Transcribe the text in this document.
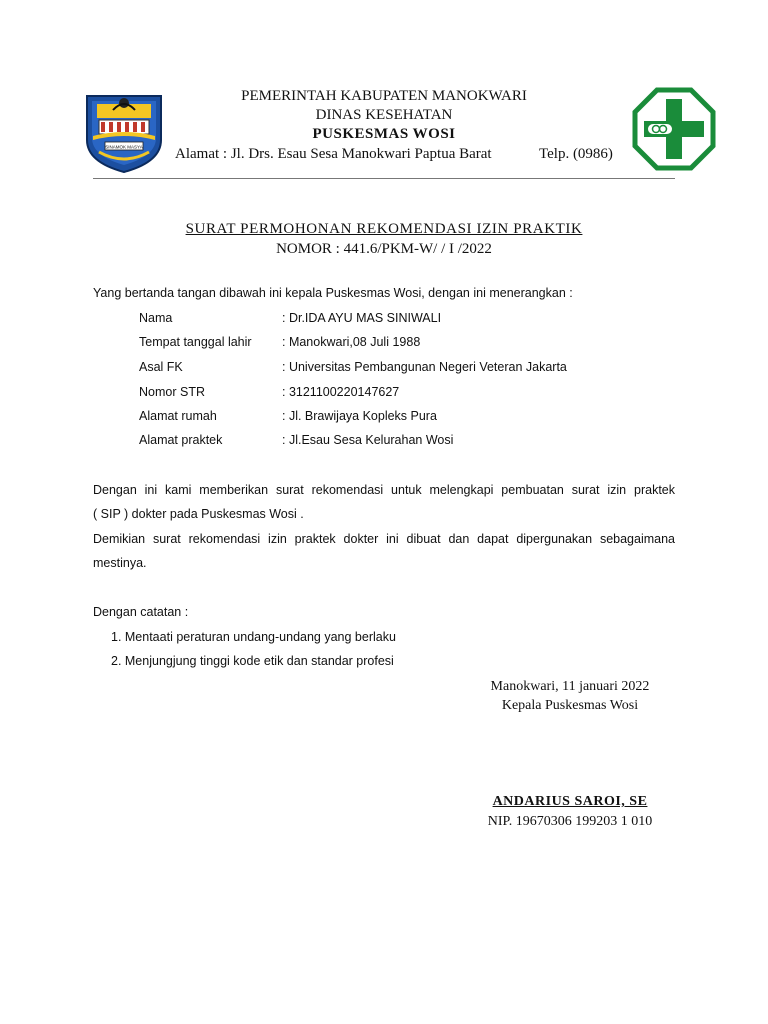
SINAMOK MASYA
PEMERINTAH KABUPATEN MANOKWARI
DINAS KESEHATAN
PUSKESMAS WOSI
Alamat : Jl. Drs. Esau Sesa Manokwari Paptua Barat	Telp. (0986)
SURAT PERMOHONAN REKOMENDASI IZIN PRAKTIK
NOMOR : 441.6/PKM-W/ / I /2022
Yang bertanda tangan dibawah ini kepala Puskesmas Wosi, dengan ini menerangkan :
Nama	: Dr.IDA AYU MAS SINIWALI
Tempat tanggal lahir : Manokwari,08 Juli 1988
Asal FK	: Universitas Pembangunan Negeri Veteran Jakarta
Nomor STR	: 3121100220147627
Alamat rumah	: Jl. Brawijaya Kopleks Pura
Alamat praktek	: Jl.Esau Sesa Kelurahan Wosi
Dengan ini kami memberikan surat rekomendasi untuk melengkapi pembuatan surat izin praktek
( SIP ) dokter pada Puskesmas Wosi .
Demikian surat rekomendasi izin praktek dokter ini dibuat dan dapat dipergunakan sebagaimana
mestinya.
Dengan catatan :
1. Mentaati peraturan undang-undang yang berlaku
2. Menjungjung tinggi kode etik dan standar profesi
Manokwari, 11 januari 2022
Kepala Puskesmas Wosi
ANDARIUS SAROI, SE
NIP. 19670306 199203 1 010
